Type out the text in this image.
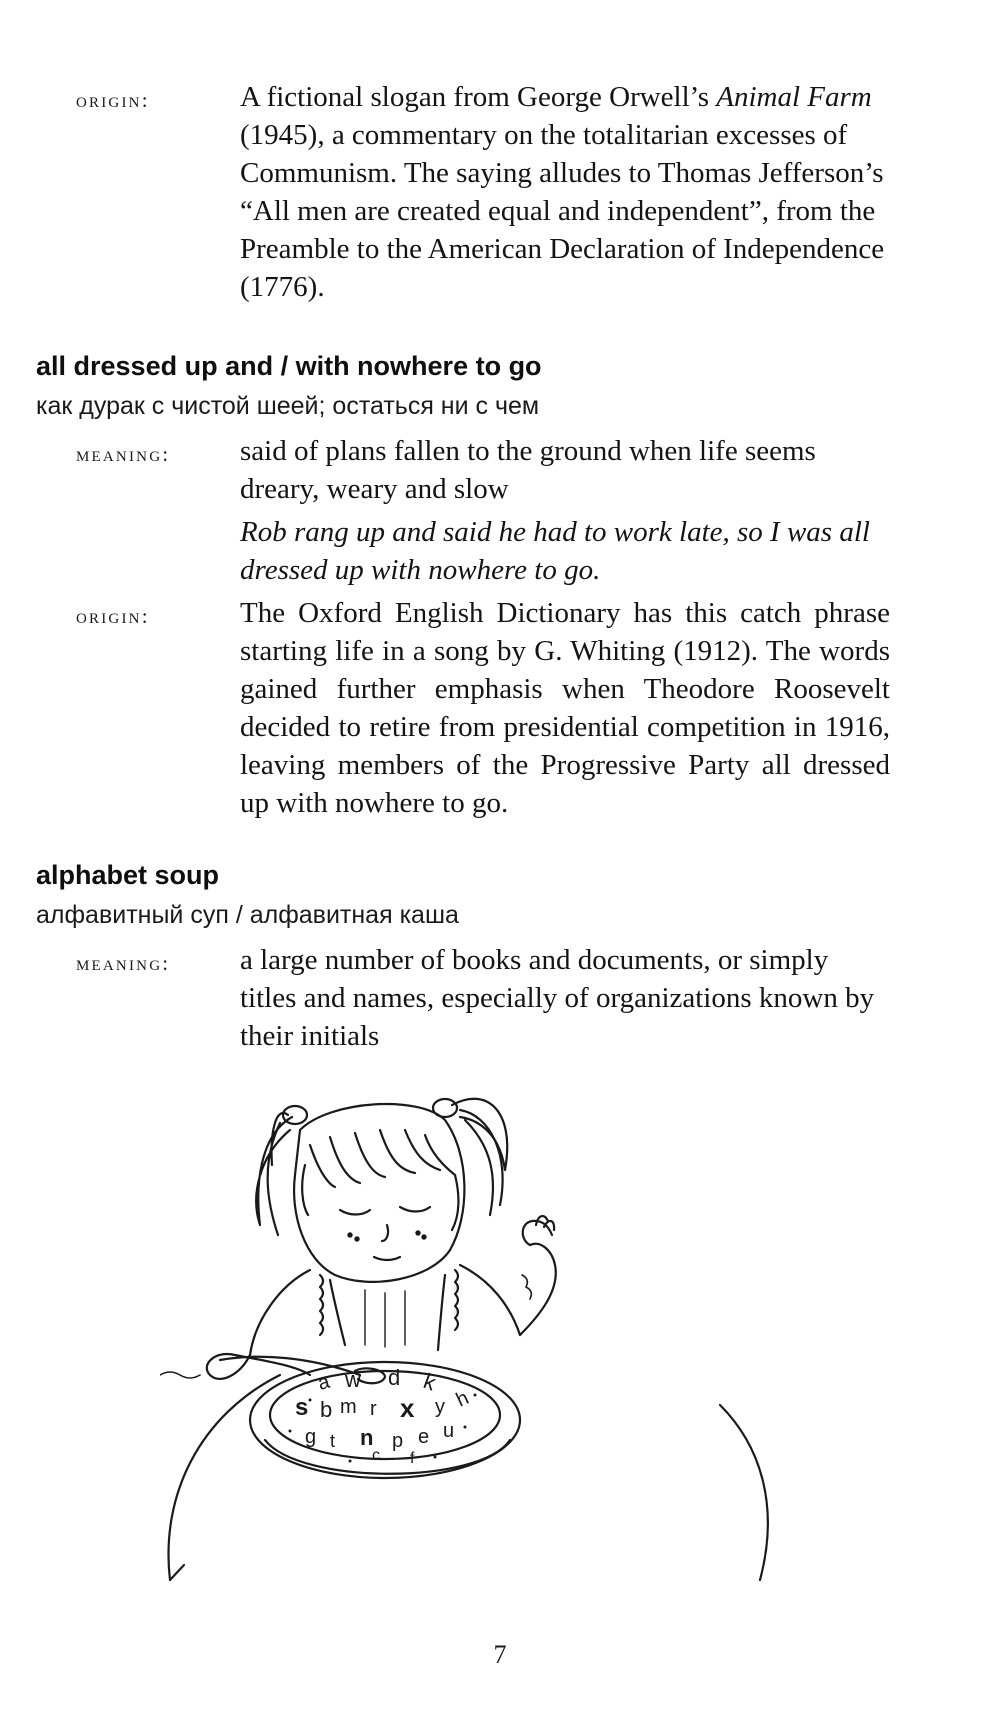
origin:	A fictional slogan from George Orwell’s Animal Farm (1945), a commentary on the totalitarian excesses of Communism. The saying alludes to Thomas Jefferson’s “All men are created equal and independent”, from the Preamble to the American Declaration of Independence (1776).
all dressed up and / with nowhere to go
как дурак с чистой шеей; остаться ни с чем
meaning: said of plans fallen to the ground when life seems dreary, weary and slow
Rob rang up and said he had to work late, so I was all dressed up with nowhere to go.
origin:	The Oxford English Dictionary has this catch phrase starting life in a song by G. Whiting (1912). The words gained further emphasis when Theodore Roosevelt decided to retire from presidential competition in 1916, leaving members of the Progressive Party all dressed up with nowhere to go.
alphabet soup
алфавитный суп / алфавитная каша
meaning: a large number of books and documents, or simply titles and names, especially of organizations known by their initials
a w d k
s b m r x y h
g t n p e u
c f
7
